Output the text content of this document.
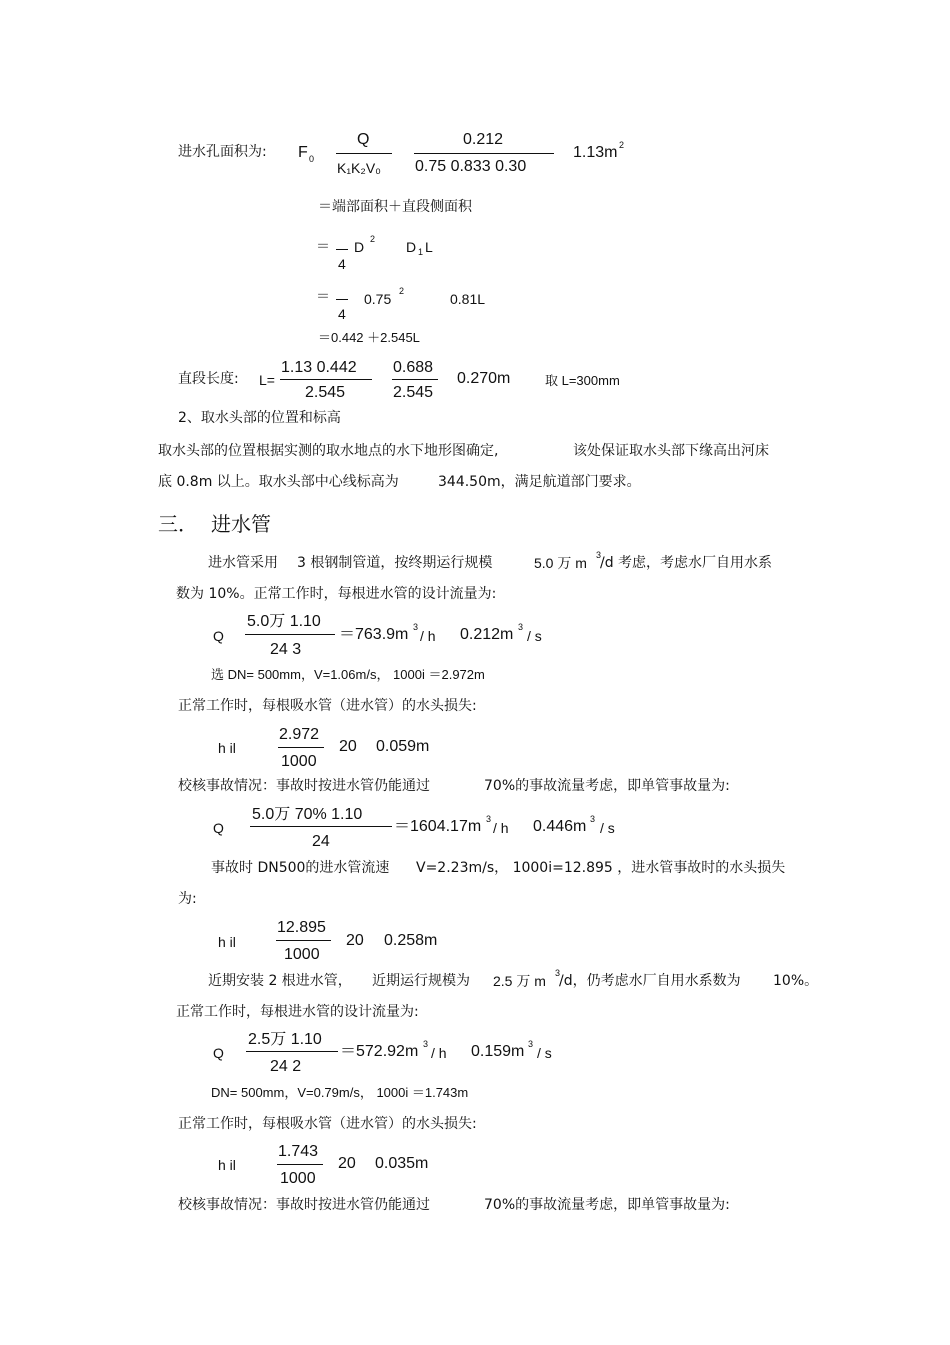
进水孔面积为: F 0
Q
K₁K₂V₀
0.212
0.75 0.833 0.30
1.13m 2
＝端部面积＋直段侧面积
＝
4
D 2 D 1 L
＝
4
0.75 2	0.81L
＝0.442 ＋2.545L
直段长度: L=
1.13 0.442
2.545
0.688
2.545
0.270m	取 L=300mm
2、取水头部的位置和标高
取水头部的位置根据实测的取水地点的水下地形图确定,	该处保证取水头部下缘高出河床
底 0.8m 以上。取水头部中心线标高为	344.50m，满足航道部门要求。
三． 进水管
进水管采用 3 根钢制管道，按终期运行规模	5.0 万 m 3
/d 考虑，考虑水厂自用水系
数为 10%。正常工作时，每根进水管的设计流量为:
Q
5.0万 1.10
24 3
＝763.9m 3
/ h 0.212m 3
/ s
选 DN= 500mm，V=1.06m/s， 1000i ＝2.972m
正常工作时，每根吸水管（进水管）的水头损失:
h il
2.972
1000
20 0.059m
校核事故情况：事故时按进水管仍能通过	70%的事故流量考虑，即单管事故量为:
Q
5.0万 70% 1.10
24
＝1604.17m 3
/ h 0.446m 3
/ s
事故时 DN500的进水管流速 V=2.23m/s， 1000i=12.895 ，进水管事故时的水头损失
为:
h il
12.895
1000
20 0.258m
近期安装 2 根进水管， 近期运行规模为 2.5 万 m 3
/d，仍考虑水厂自用水系数为 10%。
正常工作时，每根进水管的设计流量为:
Q
2.5万 1.10
24 2
＝572.92m 3
/ h 0.159m 3
/ s
DN= 500mm，V=0.79m/s， 1000i ＝1.743m
正常工作时，每根吸水管（进水管）的水头损失:
h il
1.743
1000
20 0.035m
校核事故情况：事故时按进水管仍能通过	70%的事故流量考虑，即单管事故量为:
